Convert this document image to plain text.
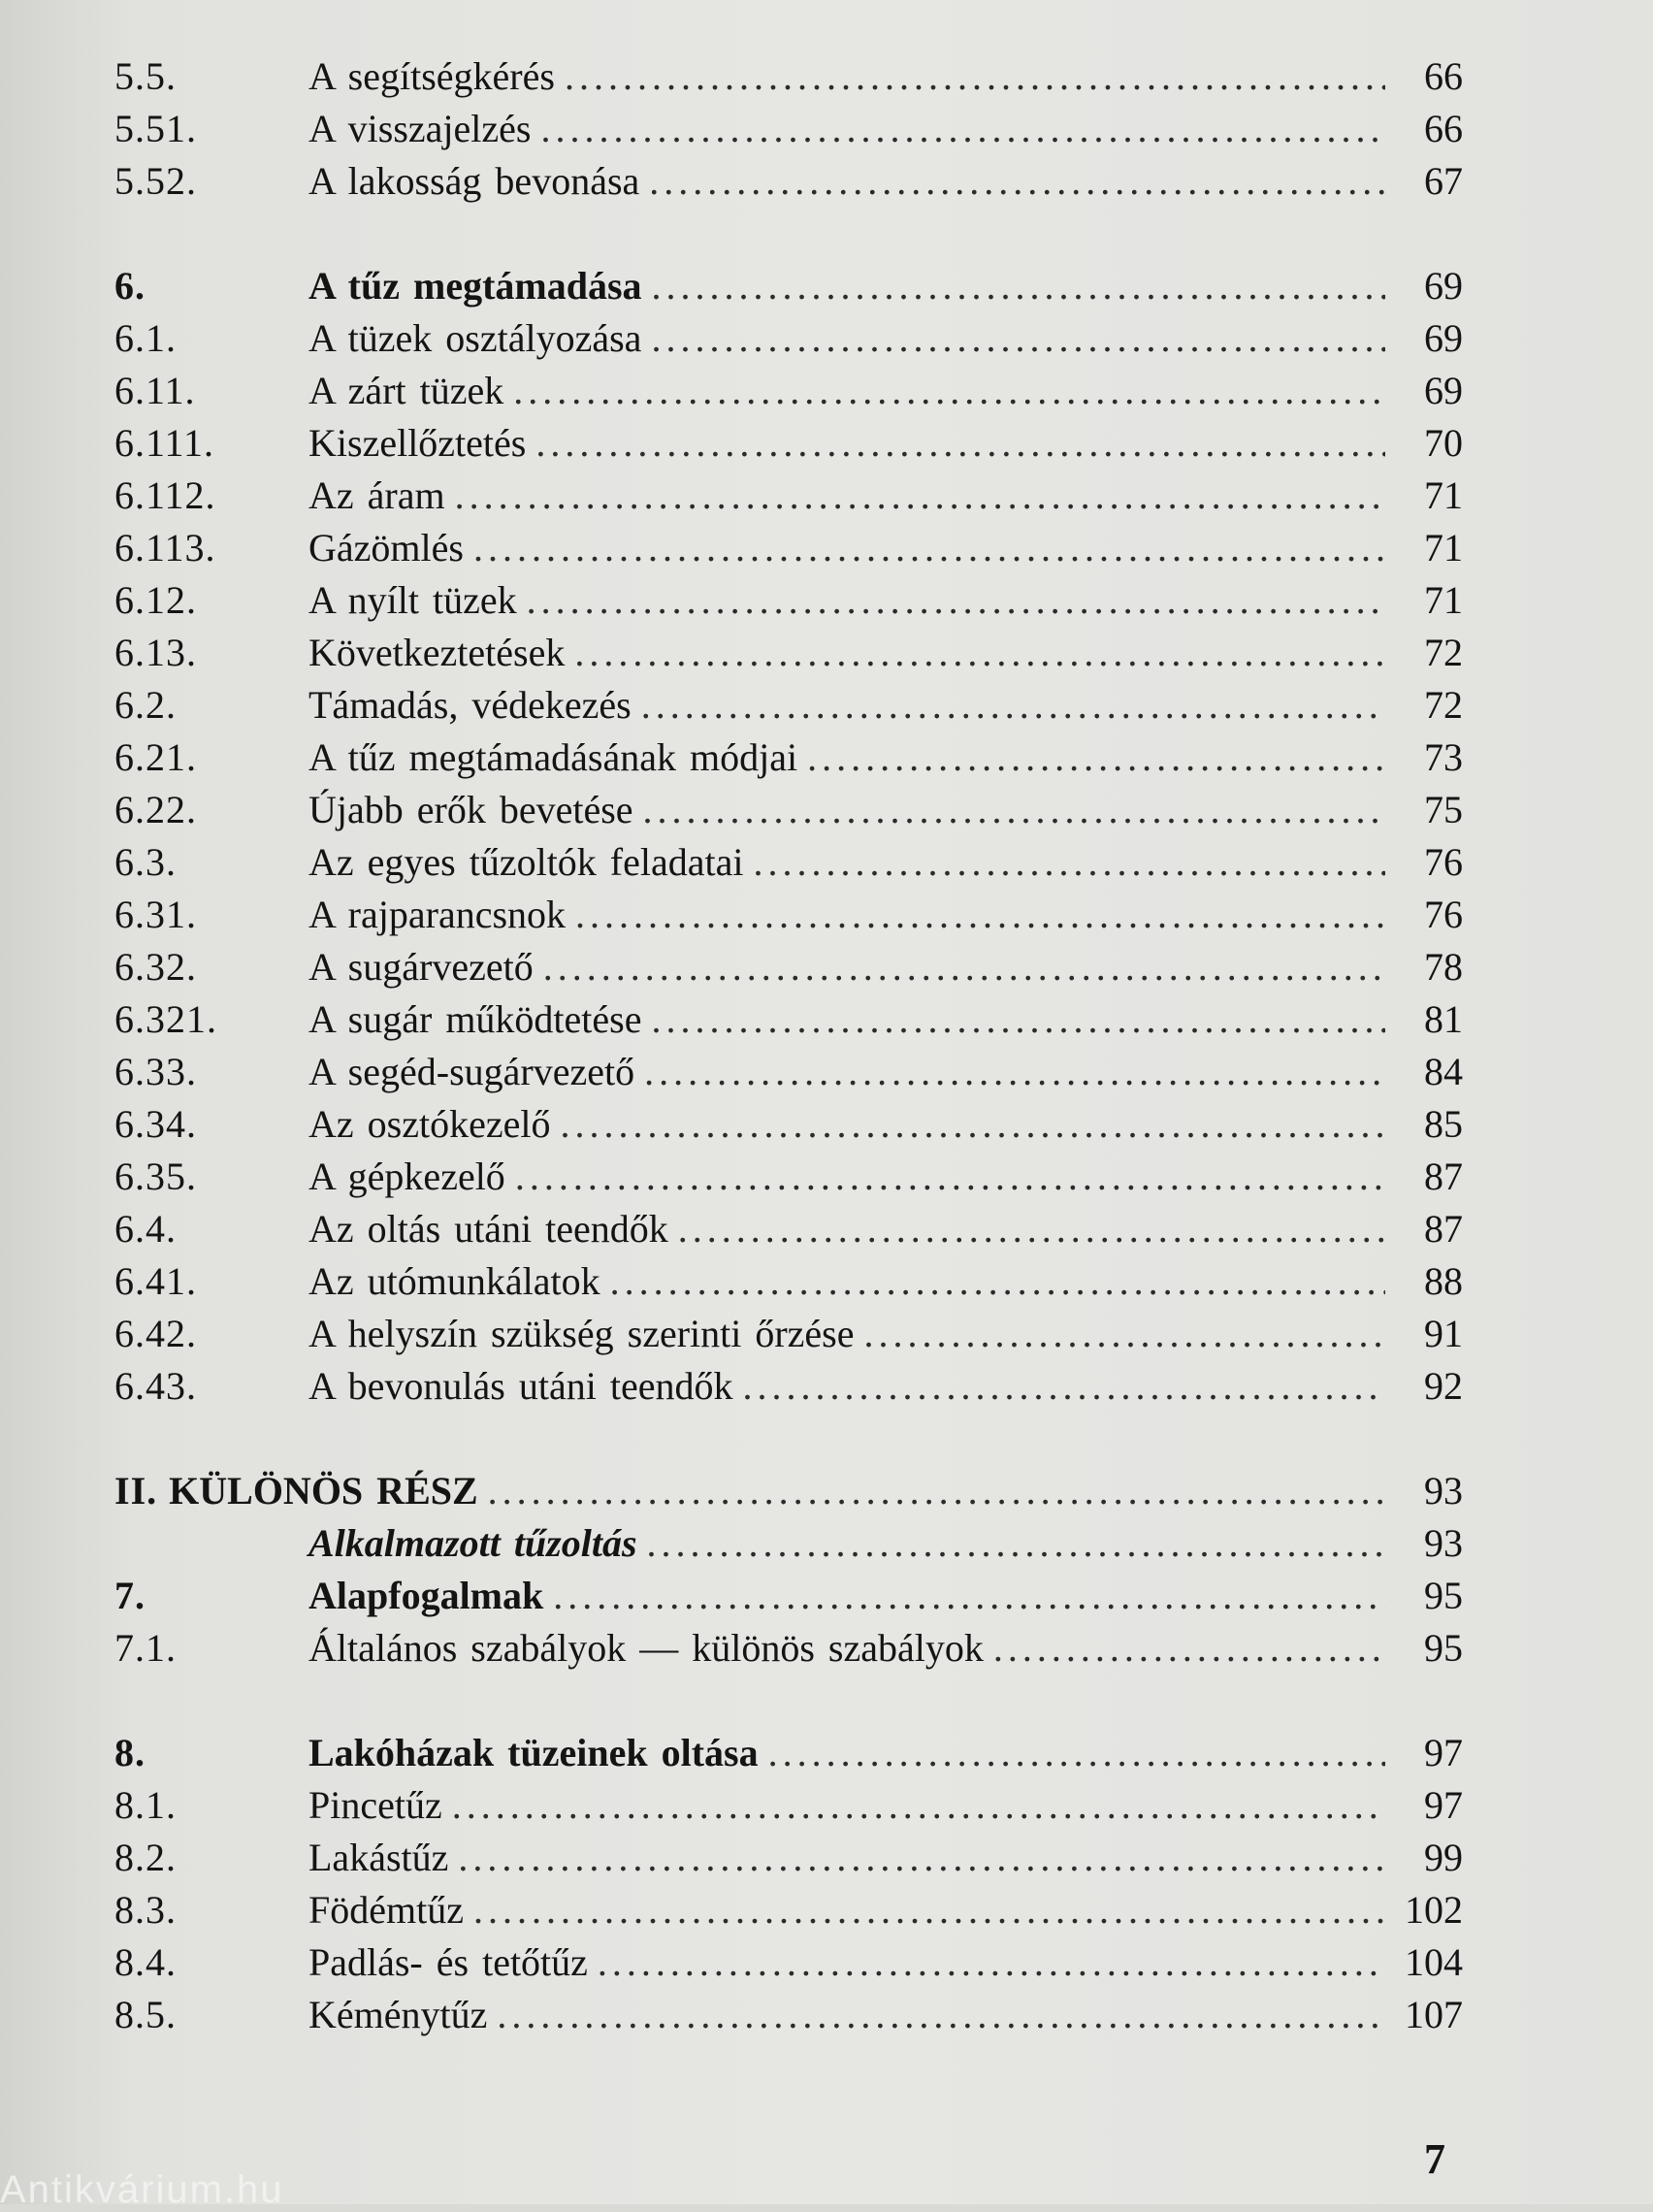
5.5.	A segítségkérés .....	66
5.51.	A visszajelzés .....	66
5.52.	A lakosság bevonása .....	67
6.	A tűz megtámadása .....	69
6.1.	A tüzek osztályozása .....	69
6.11.	A zárt tüzek .....	69
6.111.	Kiszellőztetés .....	70
6.112.	Az áram .....	71
6.113.	Gázömlés .....	71
6.12.	A nyílt tüzek .....	71
6.13.	Következtetések .....	72
6.2.	Támadás, védekezés .....	72
6.21.	A tűz megtámadásának módjai .....	73
6.22.	Újabb erők bevetése .....	75
6.3.	Az egyes tűzoltók feladatai .....	76
6.31.	A rajparancsnok .....	76
6.32.	A sugárvezető .....	78
6.321.	A sugár működtetése .....	81
6.33.	A segéd-sugárvezető .....	84
6.34.	Az osztókezelő .....	85
6.35.	A gépkezelő .....	87
6.4.	Az oltás utáni teendők .....	87
6.41.	Az utómunkálatok .....	88
6.42.	A helyszín szükség szerinti őrzése .....	91
6.43.	A bevonulás utáni teendők .....	92
II. KÜLÖNÖS RÉSZ .....	93
Alkalmazott tűzoltás .....	93
7.	Alapfogalmak .....	95
7.1.	Általános szabályok — különös szabályok .....	95
8.	Lakóházak tüzeinek oltása .....	97
8.1.	Pincetűz .....	97
8.2.	Lakástűz .....	99
8.3.	Födémtűz .....	102
8.4.	Padlás- és tetőtűz .....	104
8.5.	Kéménytűz .....	107
7
Antikvárium.hu
